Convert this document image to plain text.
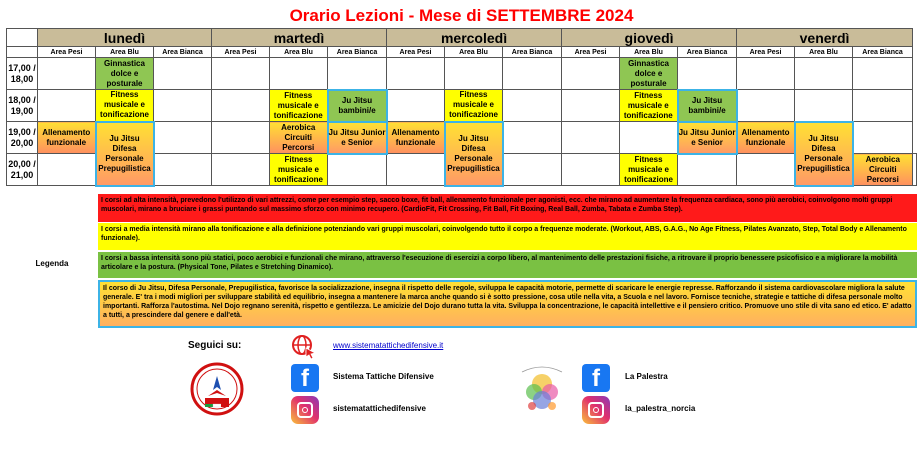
Orario Lezioni - Mese di SETTEMBRE 2024
	lunedì			martedì			mercoledì			giovedì			venerdì			
	Area Pesi	Area Blu	Area Bianca	Area Pesi	Area Blu	Area Bianca	Area Pesi	Area Blu	Area Bianca	Area Pesi	Area Blu	Area Bianca	Area Pesi	Area Blu	Area Bianca	
17,00 / 18,00		Ginnastica dolce e posturale									Ginnastica dolce e posturale					
18,00 / 19,00		Fitness musicale e tonificazione			Fitness musicale e tonificazione	Ju Jitsu bambini/e		Fitness musicale e tonificazione			Fitness musicale e tonificazione	Ju Jitsu bambini/e				
19,00 / 20,00	Allenamento funzionale	Ju Jitsu Difesa Personale Prepugilistica			Aerobica Circuiti Percorsi	Ju Jitsu Junior e Senior	Allenamento funzionale	Ju Jitsu Difesa Personale Prepugilistica				Ju Jitsu Junior e Senior	Allenamento funzionale	Ju Jitsu Difesa Personale Prepugilistica		
20,00 / 21,00					Fitness musicale e tonificazione						Fitness musicale e tonificazione				Aerobica Circuiti Percorsi	
Legenda
I corsi ad alta intensità, prevedono l'utilizzo di vari attrezzi, come per esempio step, sacco boxe, fit ball, allenamento funzionale per agonisti, ecc. che mirano ad aumentare la frequenza cardiaca, sono più aerobici, coinvolgono molti gruppi muscolari, mirano a bruciare i grassi puntando sul massimo sforzo con minimo recupero. (CardioFit, Fit Crossing, Fit Ball, Fit Boxing, Real Ball, Zumba, Tabata e Zumba Step).
I corsi a media intensità mirano alla tonificazione e alla definizione potenziando vari gruppi muscolari, coinvolgendo tutto il corpo a frequenze moderate. (Workout, ABS, G.A.G., No Age Fitness, Pilates Avanzato, Step, Total Body e Allenamento funzionale).
I corsi a bassa intensità sono più statici, poco aerobici e funzionali che mirano, attraverso l'esecuzione di esercizi a corpo libero, al mantenimento delle prestazioni fisiche, a ritrovare il proprio benessere psicofisico e a migliorare la mobilità articolare e la postura. (Physical Tone, Pilates e Stretching Dinamico).
Il corso di Ju Jitsu, Difesa Personale, Prepugilistica, favorisce la socializzazione, insegna il rispetto delle regole, sviluppa le capacità motorie, permette di scaricare le energie represse. Rafforzando il sistema cardiovascolare migliora la salute generale. E' tra i modi migliori per sviluppare stabilità ed equilibrio, insegna a mantenere la marca anche quando si è sotto pressione, cosa utile nella vita, a Scuola e nel lavoro. Fornisce tecniche, strategie e tattiche di difesa personale molto importanti. Rafforza l'autostima. Nel Dojo regnano serenità, rispetto e gentilezza. Le amicizie del Dojo durano tutta la vita. Sviluppa la concentrazione, le capacità intellettive e il pensiero critico. Promuove uno stile di vita sano ed etico. E' adatto a tutti, a prescindere dal genere e dall'età.
Seguici su:	www.sistematattichedifensive.it
f	Sistema Tattiche Difensive
sistematattichedifensive
f	La Palestra
la_palestra_norcia
